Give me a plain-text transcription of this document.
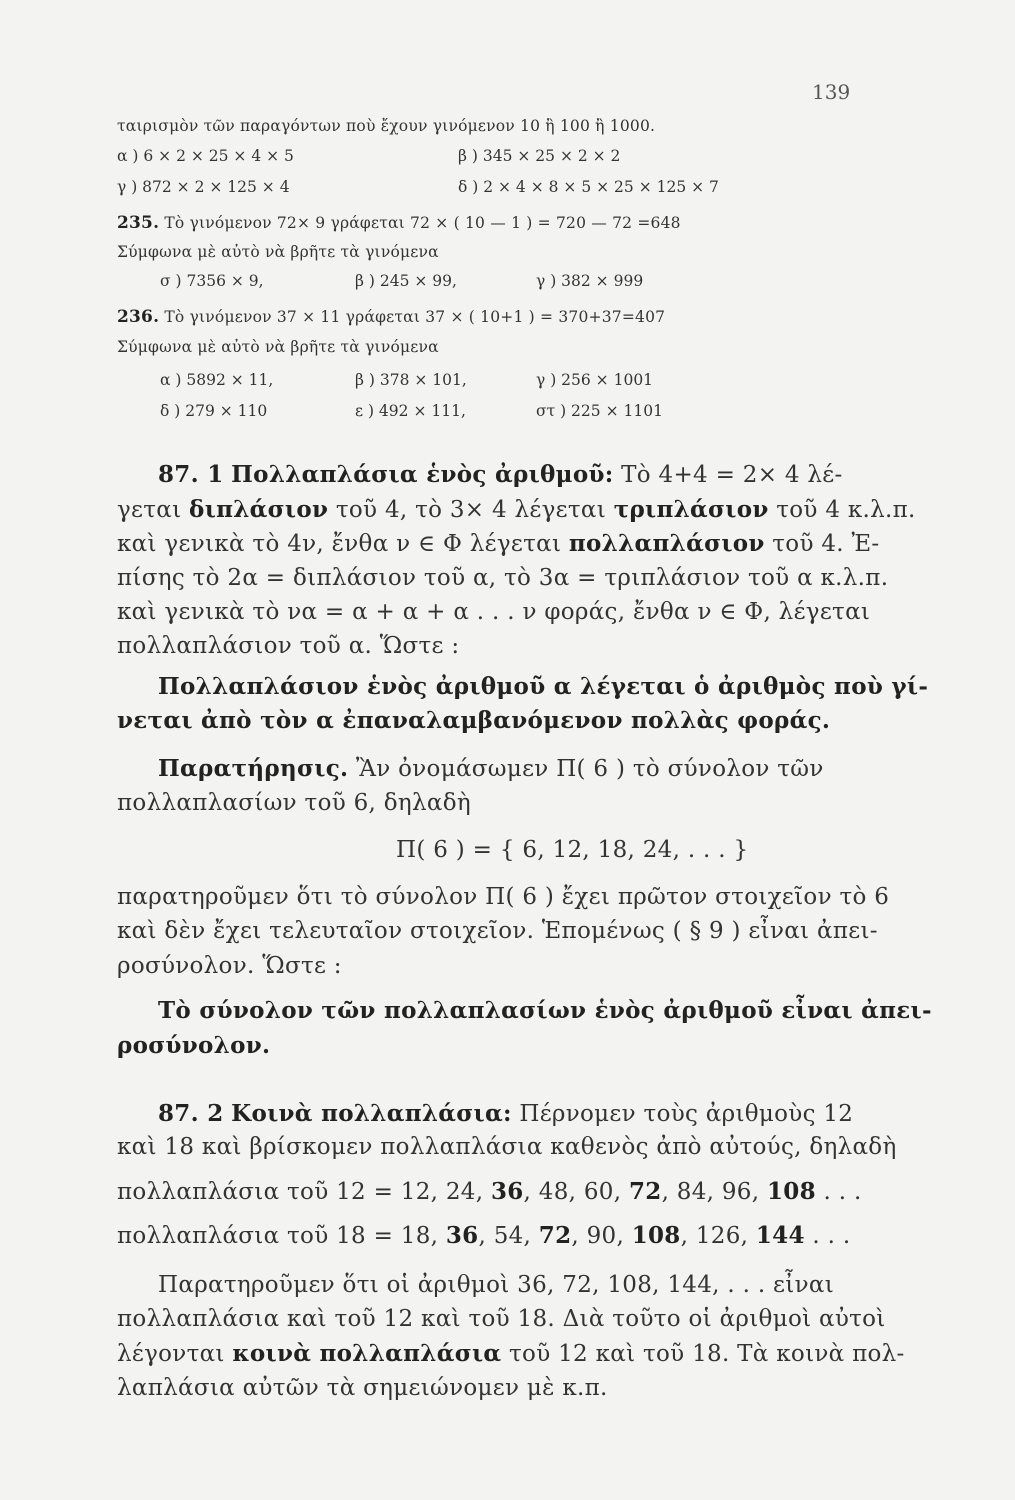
139
ταιρισμὸν τῶν παραγόντων ποὺ ἔχουν γινόμενον 10 ἢ 100 ἢ 1000.
α ) 6 × 2 × 25 × 4 × 5	β ) 345 × 25 × 2 × 2
γ ) 872 × 2 × 125 × 4	δ ) 2 × 4 × 8 × 5 × 25 × 125 × 7
235. Τὸ γινόμενον 72× 9 γράφεται 72 × ( 10 — 1 ) = 720 — 72 =648
Σύμφωνα μὲ αὐτὸ νὰ βρῆτε τὰ γινόμενα
σ ) 7356 × 9,	β ) 245 × 99,	γ ) 382 × 999
236. Τὸ γινόμενον 37 × 11 γράφεται 37 × ( 10+1 ) = 370+37=407
Σύμφωνα μὲ αὐτὸ νὰ βρῆτε τὰ γινόμενα
α ) 5892 × 11,	β ) 378 × 101,	γ ) 256 × 1001
δ ) 279 × 110	ε ) 492 × 111,	στ ) 225 × 1101
87. 1 Πολλαπλάσια ἑνὸς ἀριθμοῦ: Τὸ 4+4 = 2× 4 λέ-
γεται διπλάσιον τοῦ 4, τὸ 3× 4 λέγεται τριπλάσιον τοῦ 4 κ.λ.π.
καὶ γενικὰ τὸ 4ν, ἔνθα ν ∈ Φ λέγεται πολλαπλάσιον τοῦ 4. Ἐ-
πίσης τὸ 2α = διπλάσιον τοῦ α, τὸ 3α = τριπλάσιον τοῦ α κ.λ.π.
καὶ γενικὰ τὸ να = α + α + α . . . ν φοράς, ἔνθα ν ∈ Φ, λέγεται
πολλαπλάσιον τοῦ α. Ὥστε :
Πολλαπλάσιον ἑνὸς ἀριθμοῦ α λέγεται ὁ ἀριθμὸς ποὺ γί-
νεται ἀπὸ τὸν α ἐπαναλαμβανόμενον πολλὰς φοράς.
Παρατήρησις. Ἂν ὀνομάσωμεν Π( 6 ) τὸ σύνολον τῶν
πολλαπλασίων τοῦ 6, δηλαδὴ
Π( 6 ) = { 6, 12, 18, 24, . . . }
παρατηροῦμεν ὅτι τὸ σύνολον Π( 6 ) ἔχει πρῶτον στοιχεῖον τὸ 6
καὶ δὲν ἔχει τελευταῖον στοιχεῖον. Ἑπομένως ( § 9 ) εἶναι ἀπει-
ροσύνολον. Ὥστε :
Τὸ σύνολον τῶν πολλαπλασίων ἑνὸς ἀριθμοῦ εἶναι ἀπει-
ροσύνολον.
87. 2 Κοινὰ πολλαπλάσια: Πέρνομεν τοὺς ἀριθμοὺς 12
καὶ 18 καὶ βρίσκομεν πολλαπλάσια καθενὸς ἀπὸ αὐτούς, δηλαδὴ
πολλαπλάσια τοῦ 12 = 12, 24, 36, 48, 60, 72, 84, 96, 108 . . .
πολλαπλάσια τοῦ 18 = 18, 36, 54, 72, 90, 108, 126, 144 . . .
Παρατηροῦμεν ὅτι οἱ ἀριθμοὶ 36, 72, 108, 144, . . . εἶναι
πολλαπλάσια καὶ τοῦ 12 καὶ τοῦ 18. Διὰ τοῦτο οἱ ἀριθμοὶ αὐτοὶ
λέγονται κοινὰ πολλαπλάσια τοῦ 12 καὶ τοῦ 18. Τὰ κοινὰ πολ-
λαπλάσια αὐτῶν τὰ σημειώνομεν μὲ κ.π.
